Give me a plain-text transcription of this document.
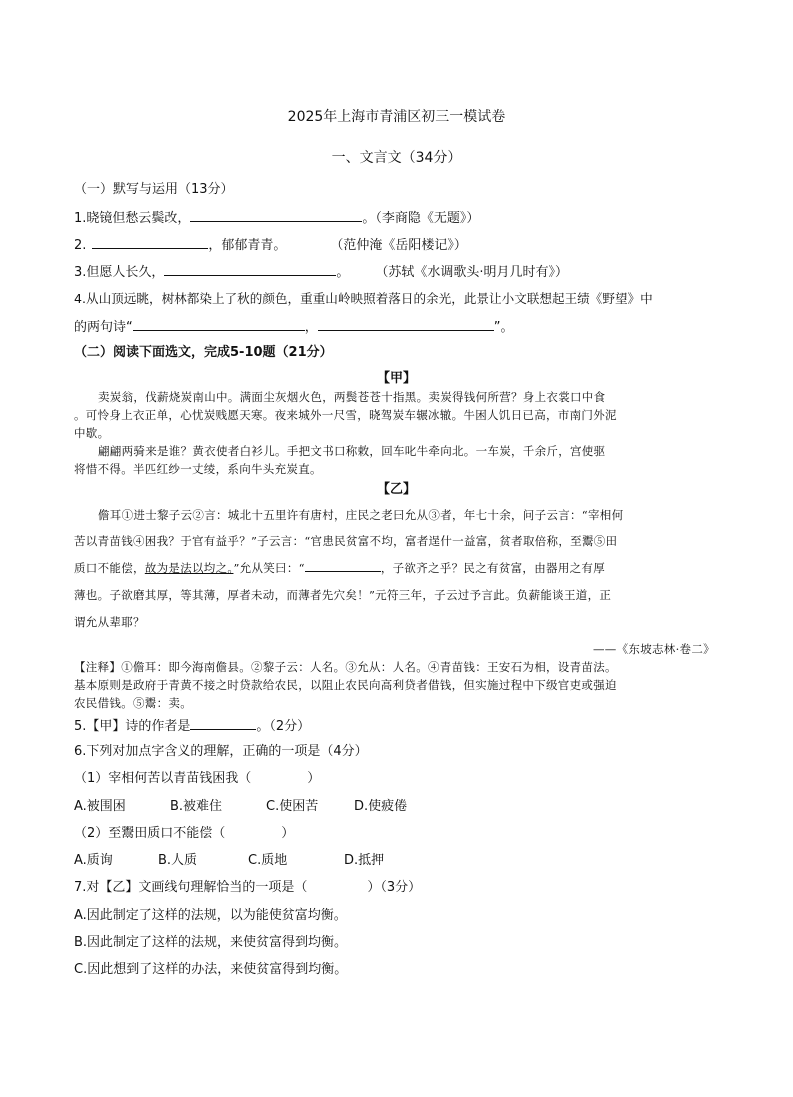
2025年上海市青浦区初三一模试卷
一、文言文（34分）
（一）默写与运用（13分）
1.晓镜但愁云鬓改，	。（李商隐《无题》）
2.	，郁郁青青。	（范仲淹《岳阳楼记》）
3.但愿人长久，	。 （苏轼《水调歌头·明月几时有》）
4.从山顶远眺，树林都染上了秋的颜色，重重山岭映照着落日的余光，此景让小文联想起王绩《野望》中
的两句诗“	，	”。
（二）阅读下面选文，完成5-10题（21分）
【甲】
卖炭翁，伐薪烧炭南山中。满面尘灰烟火色，两鬓苍苍十指黑。卖炭得钱何所营？身上衣裳口中食
。可怜身上衣正单，心忧炭贱愿天寒。夜来城外一尺雪，晓驾炭车辗冰辙。牛困人饥日已高，市南门外泥
中歇。
翩翩两骑来是谁？黄衣使者白衫儿。手把文书口称敕，回车叱牛牵向北。一车炭，千余斤，宫使驱
将惜不得。半匹红纱一丈绫，系向牛头充炭直。
【乙】
儋耳①进士黎子云②言：城北十五里许有唐村，庄民之老曰允从③者，年七十余，问子云言：“宰相何
苦以青苗钱④困我？于官有益乎？”子云言：“官患民贫富不均，富者逞什一益富，贫者取倍称，至鬻⑤田
质口不能偿，故为是法以均之。”允从笑曰：“	，子欲齐之乎？民之有贫富，由器用之有厚
薄也。子欲磨其厚，等其薄，厚者未动，而薄者先穴矣！”元符三年，子云过予言此。负薪能谈王道，正
谓允从辈耶？
——《东坡志林·卷二》
【注释】①儋耳：即今海南儋县。②黎子云：人名。③允从：人名。④青苗钱：王安石为相，设青苗法。
基本原则是政府于青黄不接之时贷款给农民，以阻止农民向高利贷者借钱，但实施过程中下级官吏或强迫
农民借钱。⑤鬻：卖。
5.【甲】诗的作者是	。（2分）
6.下列对加点字含义的理解，正确的一项是（4分）
（1）宰相何苦以青苗钱困我（	）
A.被围困	B.被难住	C.使困苦	D.使疲倦
（2）至鬻田质口不能偿（	）
A.质询	B.人质	C.质地	D.抵押
7.对【乙】文画线句理解恰当的一项是（	）（3分）
A.因此制定了这样的法规，以为能使贫富均衡。
B.因此制定了这样的法规，来使贫富得到均衡。
C.因此想到了这样的办法，来使贫富得到均衡。
